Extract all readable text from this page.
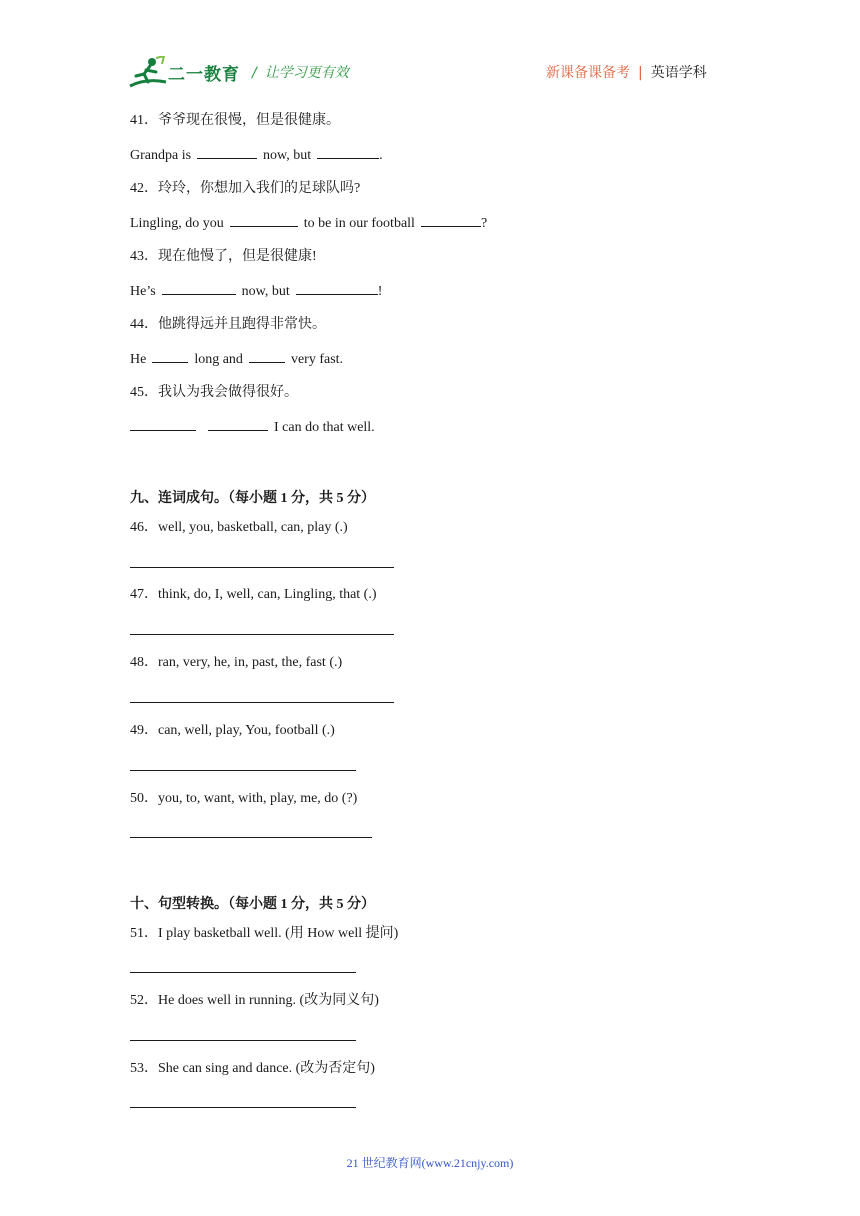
二一教育 / 让学习更有效	新课备课备考 | 英语学科
41．爷爷现在很慢，但是很健康。
Grandpa is	now, but	.
42．玲玲，你想加入我们的足球队吗?
Lingling, do you	to be in our football	?
43．现在他慢了，但是很健康!
He’s	now, but	!
44．他跳得远并且跑得非常快。
He	long and	very fast.
45．我认为我会做得很好。
I can do that well.
九、连词成句。（每小题 1 分，共 5 分）
46．well, you, basketball, can, play (.)
47．think, do, I, well, can, Lingling, that (.)
48．ran, very, he, in, past, the, fast (.)
49．can, well, play, You, football (.)
50．you, to, want, with, play, me, do (?)
十、句型转换。（每小题 1 分，共 5 分）
51．I play basketball well. (用 How well 提问)
52．He does well in running. (改为同义句)
53．She can sing and dance. (改为否定句)
21 世纪教育网(www.21cnjy.com)
